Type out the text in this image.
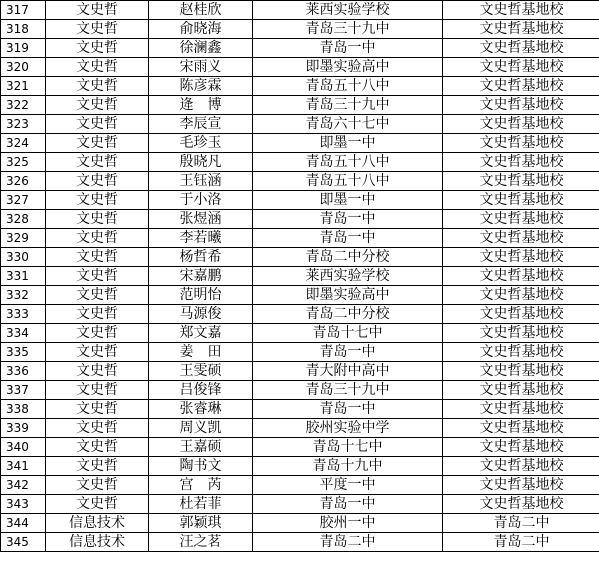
317	文史哲	赵桂欣	莱西实验学校	文史哲基地校
318	文史哲	俞晓海	青岛三十九中	文史哲基地校
319	文史哲	徐澜鑫	青岛一中	文史哲基地校
320	文史哲	宋雨义	即墨实验高中	文史哲基地校
321	文史哲	陈彦霖	青岛五十八中	文史哲基地校
322	文史哲	逄　博	青岛三十九中	文史哲基地校
323	文史哲	李辰宣	青岛六十七中	文史哲基地校
324	文史哲	毛珍玉	即墨一中	文史哲基地校
325	文史哲	殷晓凡	青岛五十八中	文史哲基地校
326	文史哲	王钰涵	青岛五十八中	文史哲基地校
327	文史哲	于小洛	即墨一中	文史哲基地校
328	文史哲	张煜涵	青岛一中	文史哲基地校
329	文史哲	李若曦	青岛一中	文史哲基地校
330	文史哲	杨哲希	青岛二中分校	文史哲基地校
331	文史哲	宋嘉鹏	莱西实验学校	文史哲基地校
332	文史哲	范明怡	即墨实验高中	文史哲基地校
333	文史哲	马源俊	青岛二中分校	文史哲基地校
334	文史哲	郑文嘉	青岛十七中	文史哲基地校
335	文史哲	姜　田	青岛一中	文史哲基地校
336	文史哲	王雯硕	青大附中高中	文史哲基地校
337	文史哲	吕俊锋	青岛三十九中	文史哲基地校
338	文史哲	张睿琳	青岛一中	文史哲基地校
339	文史哲	周义凯	胶州实验中学	文史哲基地校
340	文史哲	王嘉硕	青岛十七中	文史哲基地校
341	文史哲	陶书文	青岛十九中	文史哲基地校
342	文史哲	宫　芮	平度一中	文史哲基地校
343	文史哲	杜若菲	青岛一中	文史哲基地校
344	信息技术	郭颖琪	胶州一中	青岛二中
345	信息技术	汪之茗	青岛二中	青岛二中
